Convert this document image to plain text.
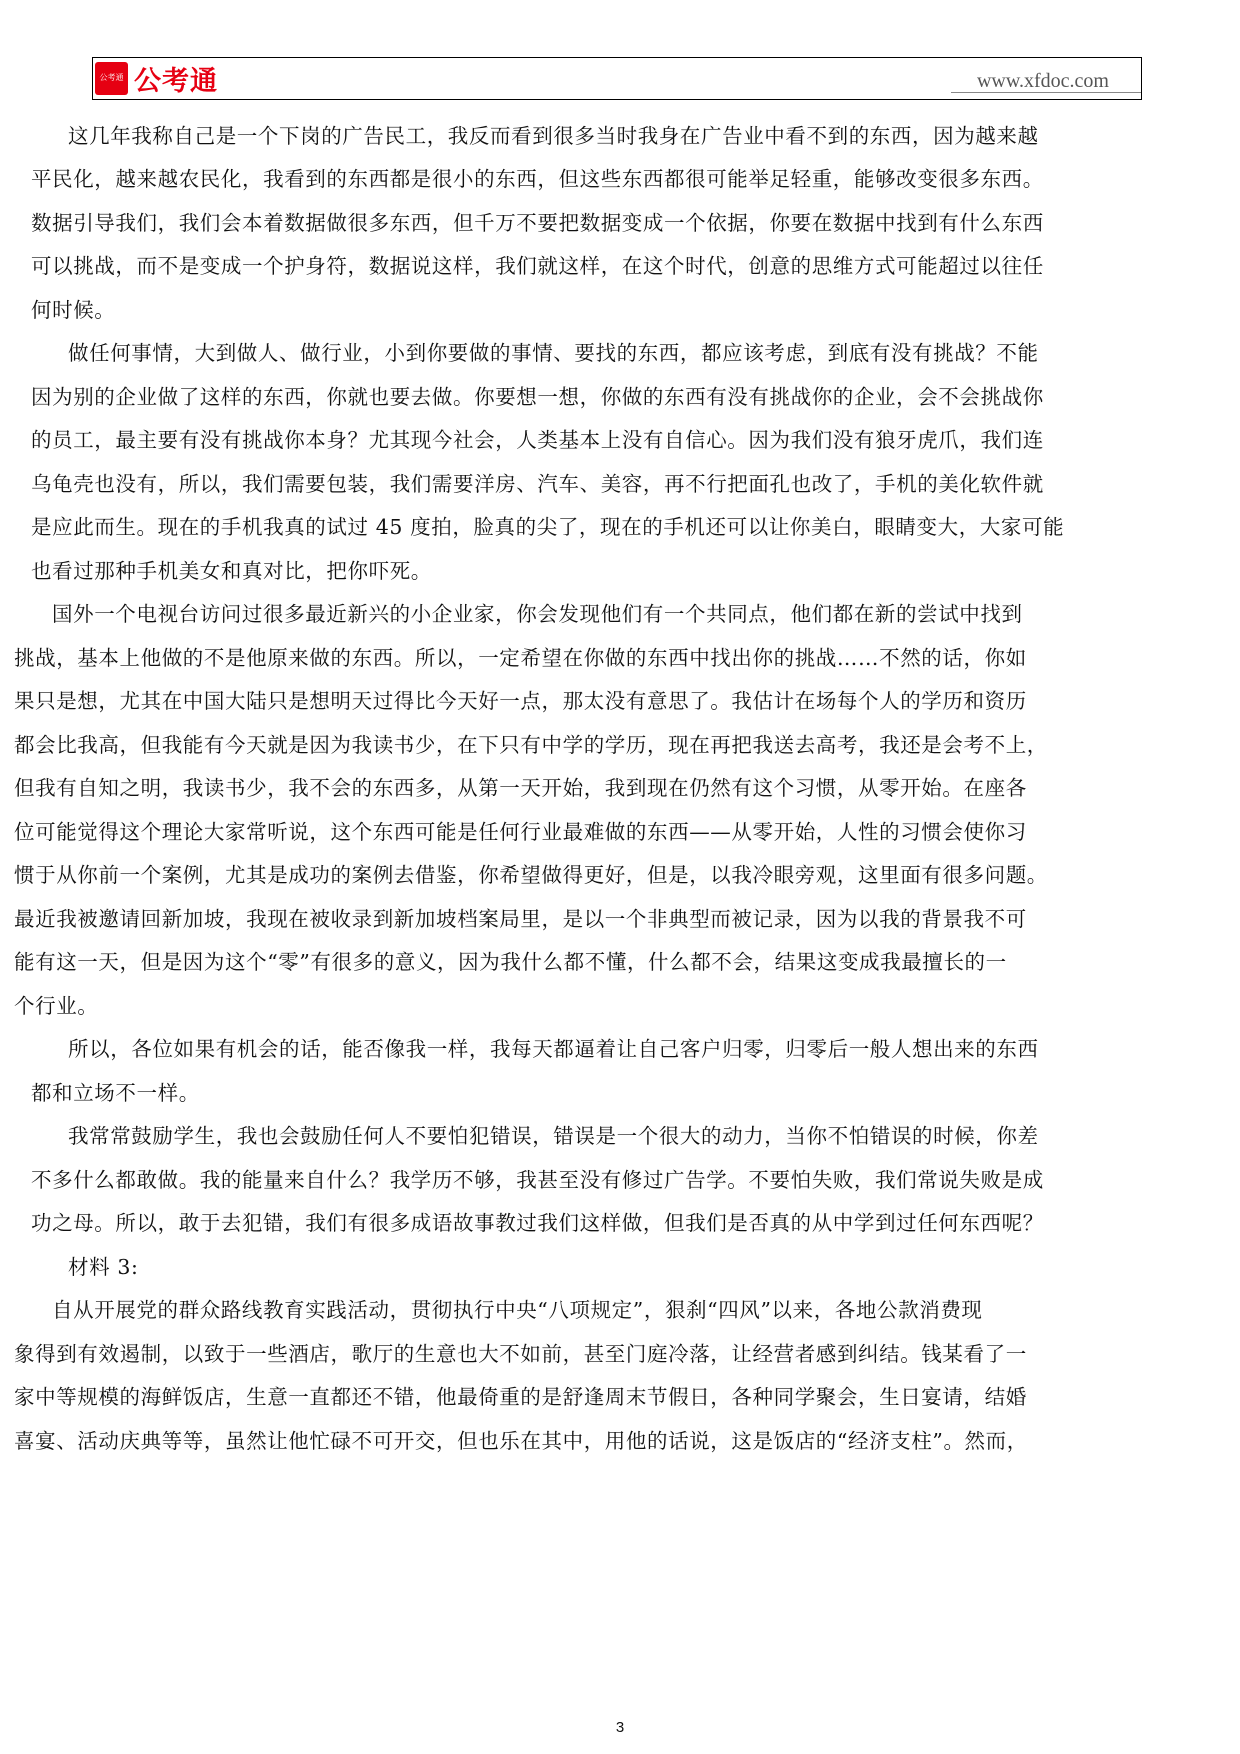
公考通 公考通	www.xfdoc.com
这几年我称自己是一个下岗的广告民工，我反而看到很多当时我身在广告业中看不到的东西，因为越来越
平民化，越来越农民化，我看到的东西都是很小的东西，但这些东西都很可能举足轻重，能够改变很多东西。
数据引导我们，我们会本着数据做很多东西，但千万不要把数据变成一个依据，你要在数据中找到有什么东西
可以挑战，而不是变成一个护身符，数据说这样，我们就这样，在这个时代，创意的思维方式可能超过以往任
何时候。
做任何事情，大到做人、做行业，小到你要做的事情、要找的东西，都应该考虑，到底有没有挑战？不能
因为别的企业做了这样的东西，你就也要去做。你要想一想，你做的东西有没有挑战你的企业，会不会挑战你
的员工，最主要有没有挑战你本身？尤其现今社会，人类基本上没有自信心。因为我们没有狼牙虎爪，我们连
乌龟壳也没有，所以，我们需要包装，我们需要洋房、汽车、美容，再不行把面孔也改了，手机的美化软件就
是应此而生。现在的手机我真的试过 45 度拍，脸真的尖了，现在的手机还可以让你美白，眼睛变大，大家可能
也看过那种手机美女和真对比，把你吓死。
国外一个电视台访问过很多最近新兴的小企业家，你会发现他们有一个共同点，他们都在新的尝试中找到
挑战，基本上他做的不是他原来做的东西。所以，一定希望在你做的东西中找出你的挑战……不然的话，你如
果只是想，尤其在中国大陆只是想明天过得比今天好一点，那太没有意思了。我估计在场每个人的学历和资历
都会比我高，但我能有今天就是因为我读书少，在下只有中学的学历，现在再把我送去高考，我还是会考不上，
但我有自知之明，我读书少，我不会的东西多，从第一天开始，我到现在仍然有这个习惯，从零开始。在座各
位可能觉得这个理论大家常听说，这个东西可能是任何行业最难做的东西——从零开始，人性的习惯会使你习
惯于从你前一个案例，尤其是成功的案例去借鉴，你希望做得更好，但是，以我冷眼旁观，这里面有很多问题。
最近我被邀请回新加坡，我现在被收录到新加坡档案局里，是以一个非典型而被记录，因为以我的背景我不可
能有这一天，但是因为这个“零”有很多的意义，因为我什么都不懂，什么都不会，结果这变成我最擅长的一
个行业。
所以，各位如果有机会的话，能否像我一样，我每天都逼着让自己客户归零，归零后一般人想出来的东西
都和立场不一样。
我常常鼓励学生，我也会鼓励任何人不要怕犯错误，错误是一个很大的动力，当你不怕错误的时候，你差
不多什么都敢做。我的能量来自什么？我学历不够，我甚至没有修过广告学。不要怕失败，我们常说失败是成
功之母。所以，敢于去犯错，我们有很多成语故事教过我们这样做，但我们是否真的从中学到过任何东西呢？
材料 3:
自从开展党的群众路线教育实践活动，贯彻执行中央“八项规定”，狠刹“四风”以来，各地公款消费现
象得到有效遏制，以致于一些酒店，歌厅的生意也大不如前，甚至门庭冷落，让经营者感到纠结。钱某看了一
家中等规模的海鲜饭店，生意一直都还不错，他最倚重的是舒逢周末节假日，各种同学聚会，生日宴请，结婚
喜宴、活动庆典等等，虽然让他忙碌不可开交，但也乐在其中，用他的话说，这是饭店的“经济支柱”。然而，
3
